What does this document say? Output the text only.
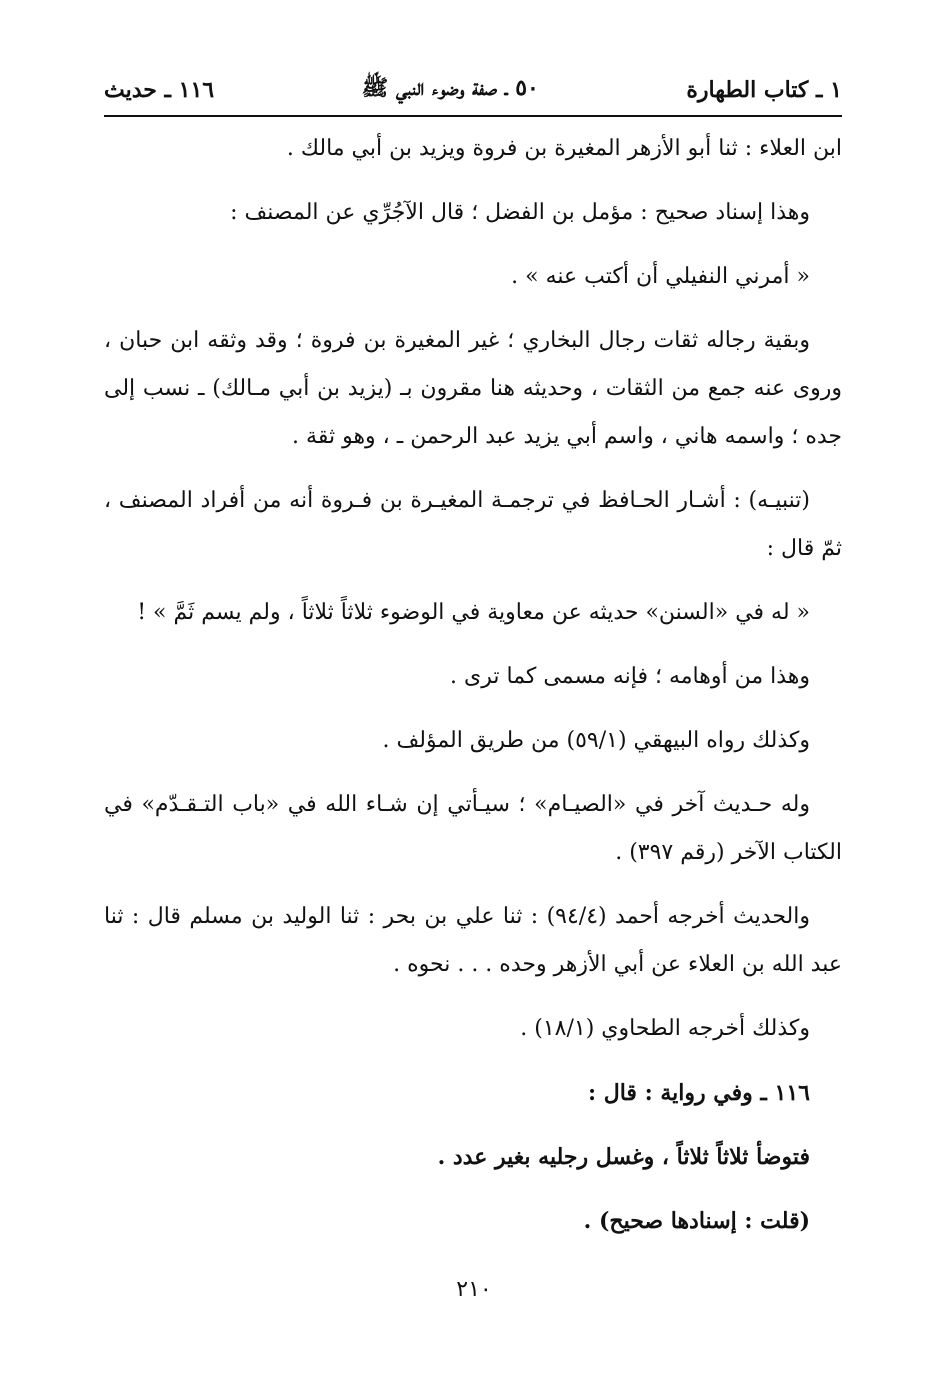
١ ـ كتاب الطهارة
٥٠ ـ صفة وضوء النبي ﷺ
١١٦ ـ حديث

ابن العلاء : ثنا أبو الأزهر المغيرة بن فروة ويزيد بن أبي مالك .

وهذا إسناد صحيح : مؤمل بن الفضل ؛ قال الآجُرِّي عن المصنف :

« أمرني النفيلي أن أكتب عنه » .

وبقية رجاله ثقات رجال البخاري ؛ غير المغيرة بن فروة ؛ وقد وثقه ابن حبان ، وروى عنه جمع من الثقات ، وحديثه هنا مقرون بـ (يزيد بن أبي مـالك) ـ نسب إلى جده ؛ واسمه هاني ، واسم أبي يزيد عبد الرحمن ـ ، وهو ثقة .

(تنبيـه) : أشـار الحـافظ في ترجمـة المغيـرة بن فـروة أنه من أفراد المصنف ، ثمّ قال :

« له في «السنن» حديثه عن معاوية في الوضوء ثلاثاً ثلاثاً ، ولم يسم ثَمَّ » !

وهذا من أوهامه ؛ فإنه مسمى كما ترى .

وكذلك رواه البيهقي (٥٩/١) من طريق المؤلف .

وله حـديث آخر في «الصيـام» ؛ سيـأتي إن شـاء الله في «باب التـقـدّم» في الكتاب الآخر (رقم ٣٩٧) .

والحديث أخرجه أحمد (٩٤/٤) : ثنا علي بن بحر : ثنا الوليد بن مسلم قال : ثنا عبد الله بن العلاء عن أبي الأزهر وحده . . . نحوه .

وكذلك أخرجه الطحاوي (١٨/١) .

١١٦ ـ وفي رواية : قال :

فتوضأ ثلاثاً ثلاثاً ، وغسل رجليه بغير عدد .

(قلت : إسنادها صحيح) .

٢١٠
